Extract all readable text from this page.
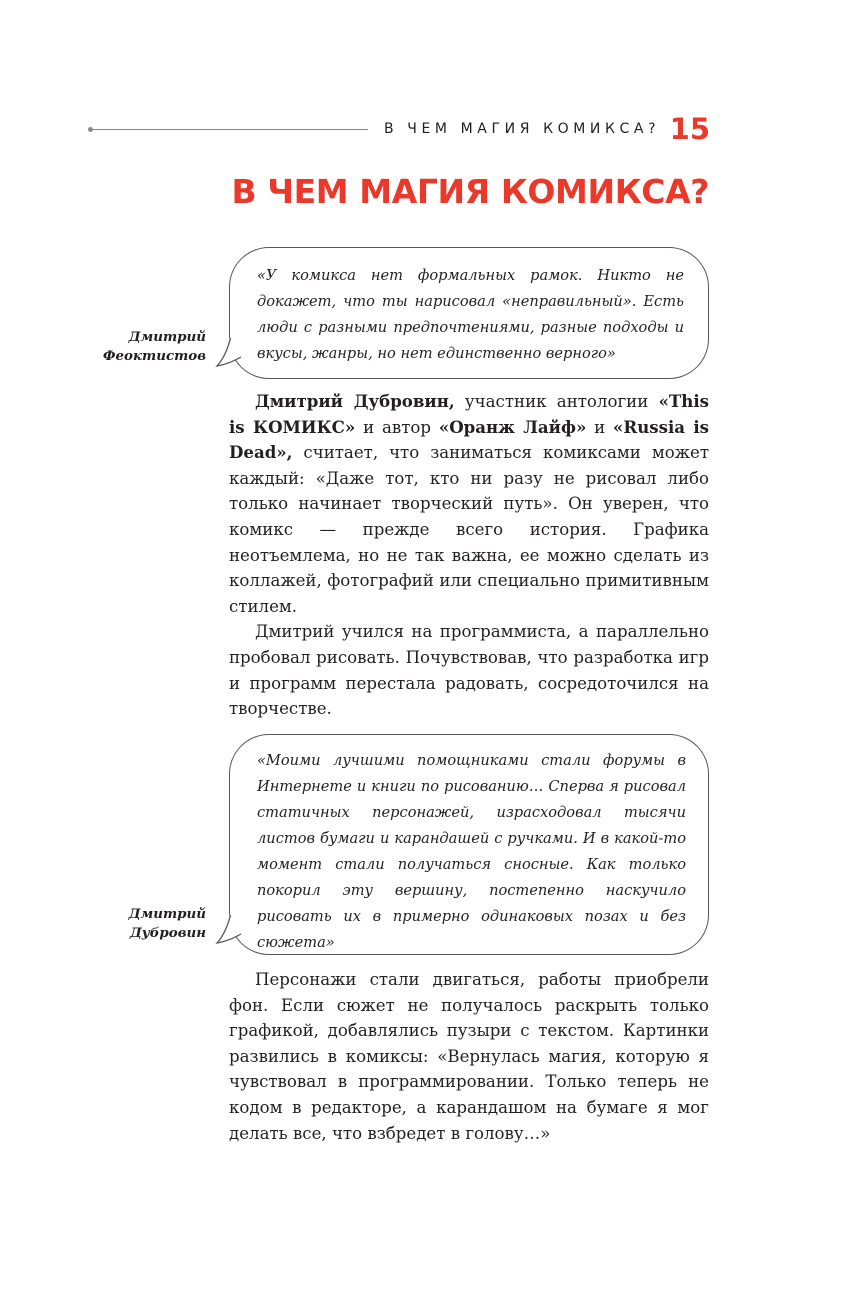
В ЧЕМ МАГИЯ КОМИКСА? 15
В ЧЕМ МАГИЯ КОМИКСА?
Дмитрий Феоктистов

«У комикса нет формальных рамок. Никто не докажет, что ты нарисовал «неправильный». Есть люди с разными предпочтениями, разные подходы и вкусы, жанры, но нет единственно верного»

Дмитрий Дубровин, участник антологии «This is КОМИКС» и автор «Оранж Лайф» и «Russia is Dead», считает, что заниматься комиксами может каждый: «Даже тот, кто ни разу не рисовал либо только начинает творческий путь». Он уверен, что комикс — прежде всего история. Графика неотъемлема, но не так важна, ее можно сделать из коллажей, фотографий или специально примитивным стилем.

Дмитрий учился на программиста, а параллельно пробовал рисовать. Почувствовав, что разработка игр и программ перестала радовать, сосредоточился на творчестве.

Дмитрий Дубровин

«Моими лучшими помощниками стали форумы в Интернете и книги по рисованию… Сперва я рисовал статичных персонажей, израсходовал тысячи листов бумаги и карандашей с ручками. И в какой-то момент стали получаться сносные. Как только покорил эту вершину, постепенно наскучило рисовать их в примерно одинаковых позах и без сюжета»

Персонажи стали двигаться, работы приобрели фон. Если сюжет не получалось раскрыть только графикой, добавлялись пузыри с текстом. Картинки развились в комиксы: «Вернулась магия, которую я чувствовал в программировании. Только теперь не кодом в редакторе, а карандашом на бумаге я мог делать все, что взбредет в голову…»
